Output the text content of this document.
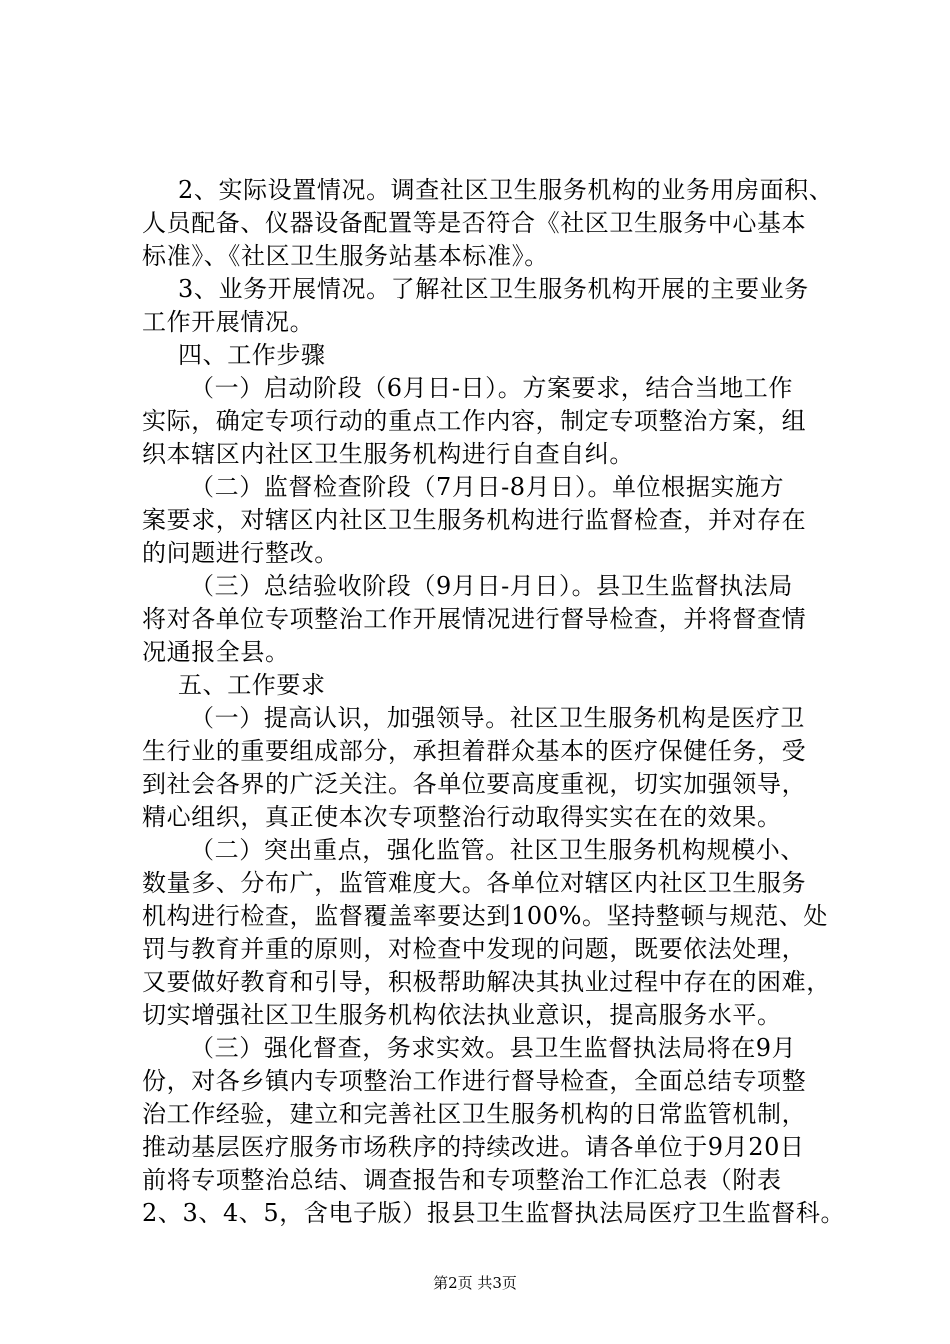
2、实际设置情况。调查社区卫生服务机构的业务用房面积、
人员配备、仪器设备配置等是否符合《社区卫生服务中心基本
标准》、《社区卫生服务站基本标准》。
3、业务开展情况。了解社区卫生服务机构开展的主要业务
工作开展情况。
四、工作步骤
（一）启动阶段（6月日-日）。方案要求，结合当地工作
实际，确定专项行动的重点工作内容，制定专项整治方案，组
织本辖区内社区卫生服务机构进行自查自纠。
（二）监督检查阶段（7月日-8月日）。单位根据实施方
案要求，对辖区内社区卫生服务机构进行监督检查，并对存在
的问题进行整改。
（三）总结验收阶段（9月日-月日）。县卫生监督执法局
将对各单位专项整治工作开展情况进行督导检查，并将督查情
况通报全县。
五、工作要求
（一）提高认识，加强领导。社区卫生服务机构是医疗卫
生行业的重要组成部分，承担着群众基本的医疗保健任务，受
到社会各界的广泛关注。各单位要高度重视，切实加强领导，
精心组织，真正使本次专项整治行动取得实实在在的效果。
（二）突出重点，强化监管。社区卫生服务机构规模小、
数量多、分布广，监管难度大。各单位对辖区内社区卫生服务
机构进行检查，监督覆盖率要达到100%。坚持整顿与规范、处
罚与教育并重的原则，对检查中发现的问题，既要依法处理，
又要做好教育和引导，积极帮助解决其执业过程中存在的困难，
切实增强社区卫生服务机构依法执业意识，提高服务水平。
（三）强化督查，务求实效。县卫生监督执法局将在9月
份，对各乡镇内专项整治工作进行督导检查，全面总结专项整
治工作经验，建立和完善社区卫生服务机构的日常监管机制，
推动基层医疗服务市场秩序的持续改进。请各单位于9月20日
前将专项整治总结、调查报告和专项整治工作汇总表（附表
2、3、4、5，含电子版）报县卫生监督执法局医疗卫生监督科。
第2页 共3页
